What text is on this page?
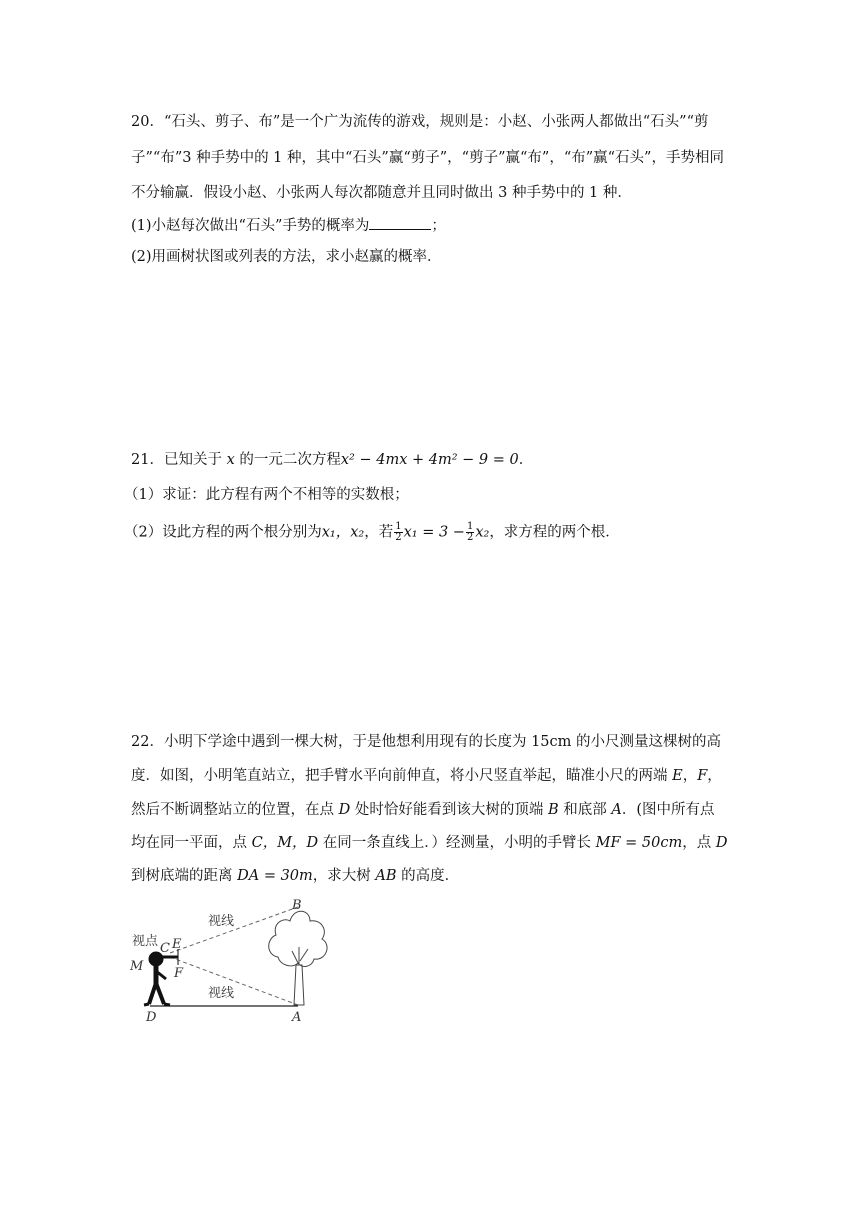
20．“石头、剪子、布”是一个广为流传的游戏，规则是：小赵、小张两人都做出“石头”“剪
子”“布”3 种手势中的 1 种，其中“石头”赢“剪子”，“剪子”赢“布”，“布”赢“石头”，手势相同
不分输赢．假设小赵、小张两人每次都随意并且同时做出 3 种手势中的 1 种．
(1)小赵每次做出“石头”手势的概率为	；
(2)用画树状图或列表的方法，求小赵赢的概率．
21．已知关于 x 的一元二次方程x² − 4mx + 4m² − 9 = 0．
（1）求证：此方程有两个不相等的实数根；
（2）设此方程的两个根分别为x₁，x₂，若 $\frac{1}{2} x_1 = 3 - \frac{1}{2} x_2$，求方程的两个根．
22．小明下学途中遇到一棵大树，于是他想利用现有的长度为 15cm 的小尺测量这棵树的高
度．如图，小明笔直站立，把手臂水平向前伸直，将小尺竖直举起，瞄准小尺的两端 E，F，
然后不断调整站立的位置，在点 D 处时恰好能看到该大树的顶端 B 和底部 A．(图中所有点
均在同一平面，点 C，M，D 在同一条直线上．）经测量，小明的手臂长 MF = 50cm，点 D
到树底端的距离 DA = 30m，求大树 AB 的高度．
视线
视线
视点
B
C E
M F
D	A
